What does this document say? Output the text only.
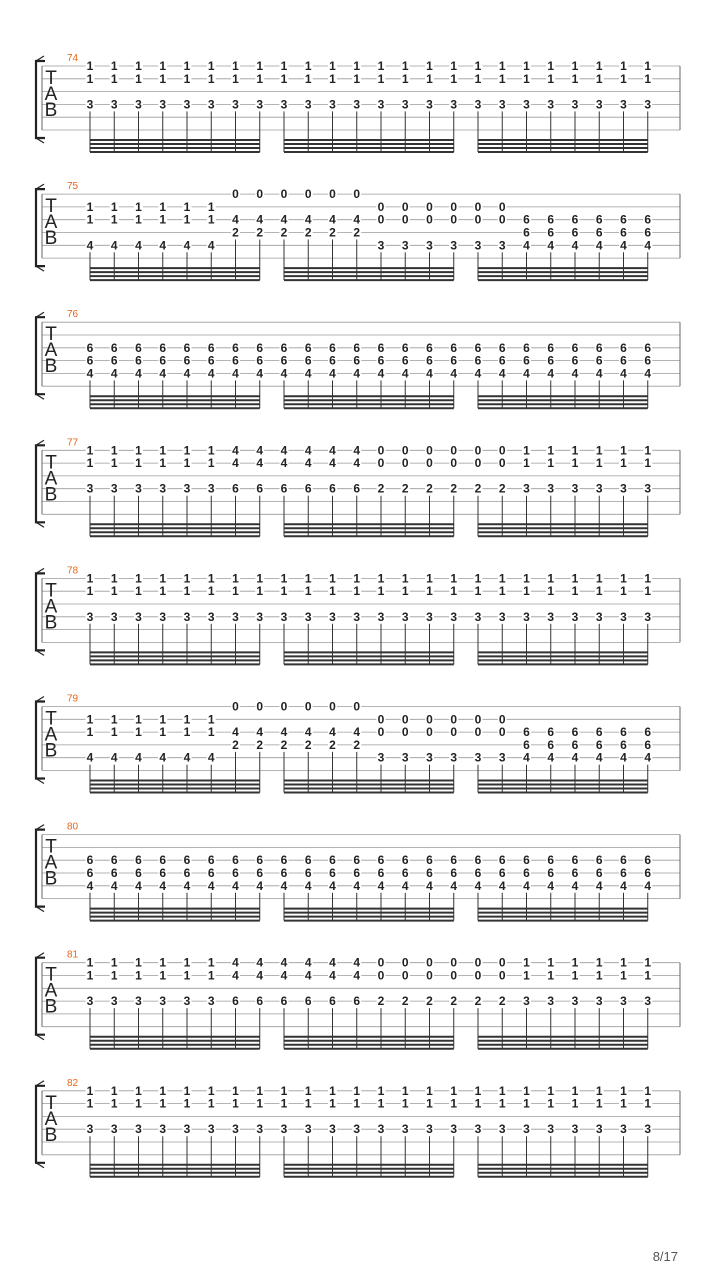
74
T
A
B
1
1
3
1
1
3
1
1
3
1
1
3
1
1
3
1
1
3
1
1
3
1
1
3
1
1
3
1
1
3
1
1
3
1
1
3
1
1
3
1
1
3
1
1
3
1
1
3
1
1
3
1
1
3
1
1
3
1
1
3
1
1
3
1
1
3
1
1
3
1
1
3
75
T
A
B
1
1
4
1
1
4
1
1
4
1
1
4
1
1
4
1
1
4
0
4
2
0
4
2
0
4
2
0
4
2
0
4
2
0
4
2
0
0
3
0
0
3
0
0
3
0
0
3
0
0
3
0
0
3
6
6
4
6
6
4
6
6
4
6
6
4
6
6
4
6
6
4
76
T
A
B
6
6
4
6
6
4
6
6
4
6
6
4
6
6
4
6
6
4
6
6
4
6
6
4
6
6
4
6
6
4
6
6
4
6
6
4
6
6
4
6
6
4
6
6
4
6
6
4
6
6
4
6
6
4
6
6
4
6
6
4
6
6
4
6
6
4
6
6
4
6
6
4
77
T
A
B
1
1
3
1
1
3
1
1
3
1
1
3
1
1
3
1
1
3
4
4
6
4
4
6
4
4
6
4
4
6
4
4
6
4
4
6
0
0
2
0
0
2
0
0
2
0
0
2
0
0
2
0
0
2
1
1
3
1
1
3
1
1
3
1
1
3
1
1
3
1
1
3
78
T
A
B
1
1
3
1
1
3
1
1
3
1
1
3
1
1
3
1
1
3
1
1
3
1
1
3
1
1
3
1
1
3
1
1
3
1
1
3
1
1
3
1
1
3
1
1
3
1
1
3
1
1
3
1
1
3
1
1
3
1
1
3
1
1
3
1
1
3
1
1
3
1
1
3
79
T
A
B
1
1
4
1
1
4
1
1
4
1
1
4
1
1
4
1
1
4
0
4
2
0
4
2
0
4
2
0
4
2
0
4
2
0
4
2
0
0
3
0
0
3
0
0
3
0
0
3
0
0
3
0
0
3
6
6
4
6
6
4
6
6
4
6
6
4
6
6
4
6
6
4
80
T
A
B
6
6
4
6
6
4
6
6
4
6
6
4
6
6
4
6
6
4
6
6
4
6
6
4
6
6
4
6
6
4
6
6
4
6
6
4
6
6
4
6
6
4
6
6
4
6
6
4
6
6
4
6
6
4
6
6
4
6
6
4
6
6
4
6
6
4
6
6
4
6
6
4
81
T
A
B
1
1
3
1
1
3
1
1
3
1
1
3
1
1
3
1
1
3
4
4
6
4
4
6
4
4
6
4
4
6
4
4
6
4
4
6
0
0
2
0
0
2
0
0
2
0
0
2
0
0
2
0
0
2
1
1
3
1
1
3
1
1
3
1
1
3
1
1
3
1
1
3
82
T
A
B
1
1
3
1
1
3
1
1
3
1
1
3
1
1
3
1
1
3
1
1
3
1
1
3
1
1
3
1
1
3
1
1
3
1
1
3
1
1
3
1
1
3
1
1
3
1
1
3
1
1
3
1
1
3
1
1
3
1
1
3
1
1
3
1
1
3
1
1
3
1
1
3
8/17
